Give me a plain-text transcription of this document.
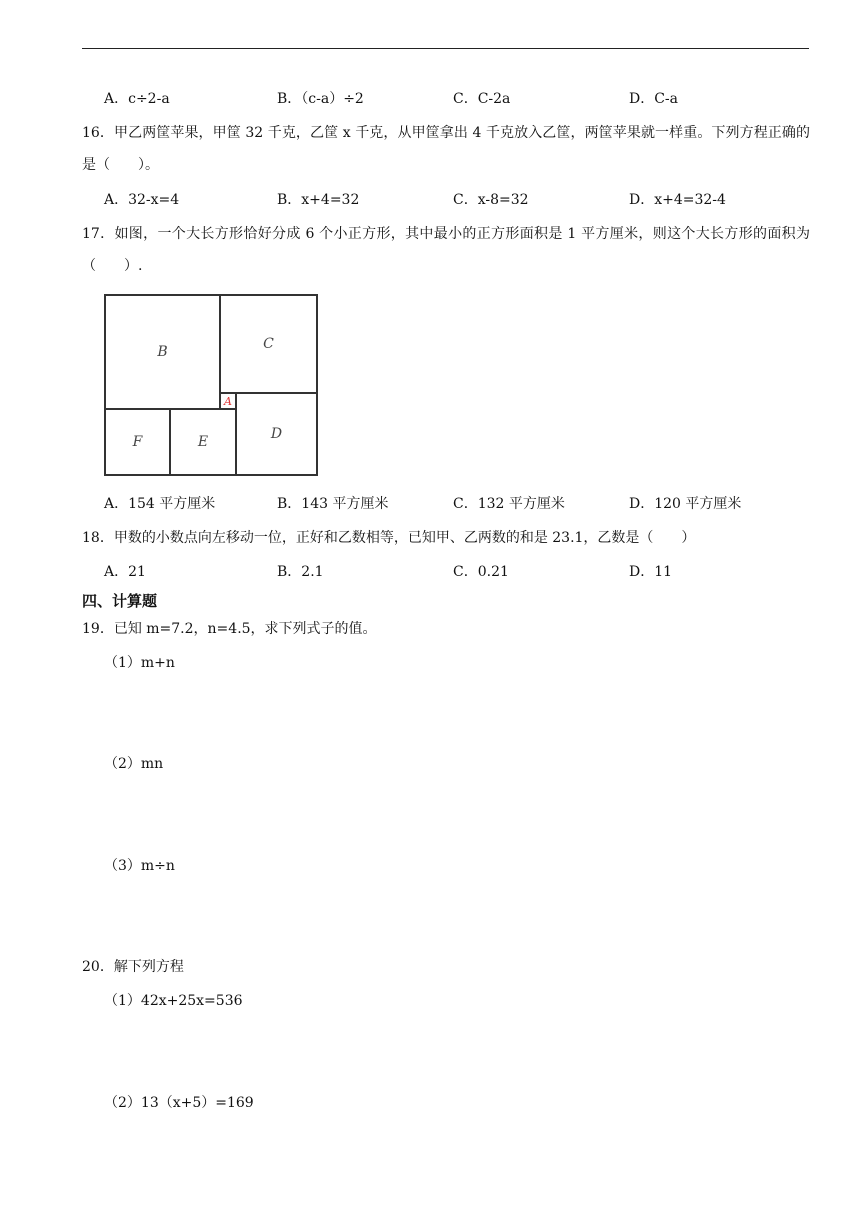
A．c÷2-a	B．（c-a）÷2	C．C-2a	D．C-a
16．甲乙两筐苹果，甲筐 32 千克，乙筐 x 千克，从甲筐拿出 4 千克放入乙筐，两筐苹果就一样重。下列方程正确的是（　　）。
A．32-x=4	B．x+4=32	C．x-8=32	D．x+4=32-4
17．如图，一个大长方形恰好分成 6 个小正方形，其中最小的正方形面积是 1 平方厘米，则这个大长方形的面积为（　　）.
B	C
A
D
F	E
A．154 平方厘米	B．143 平方厘米	C．132 平方厘米	D．120 平方厘米
18．甲数的小数点向左移动一位，正好和乙数相等，已知甲、乙两数的和是 23.1，乙数是（　　）
A．21	B．2.1	C．0.21	D．11
四、计算题
19．已知 m=7.2，n=4.5，求下列式子的值。
（1）m+n
（2）mn
（3）m÷n
20．解下列方程
（1）42x+25x=536
（2）13（x+5）=169
